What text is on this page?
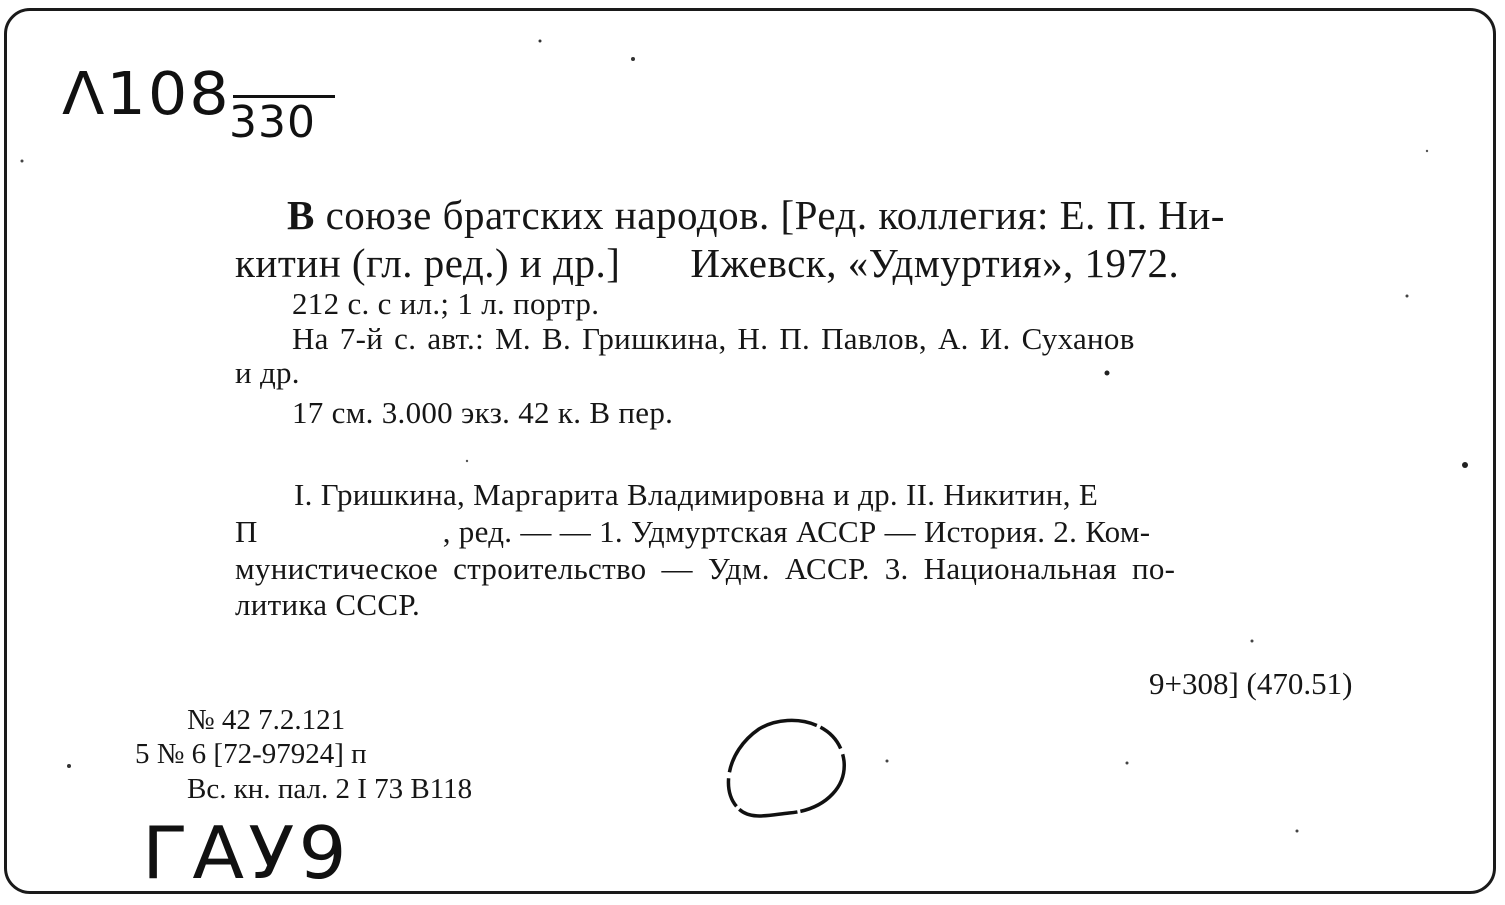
Λ108
330
В союзе братских народов. [Ред. коллегия: Е. П. Ни-
китин (гл. ред.) и др.] Ижевск, «Удмуртия», 1972.
212 с. с ил.; 1 л. портр.
На 7-й с. авт.: М. В. Гришкина, Н. П. Павлов, А. И. Суханов
и др.
17 см. 3.000 экз. 42 к. В пер.
I. Гришкина, Маргарита Владимировна и др. II. Никитин, Е
П	, ред. — — 1. Удмуртская АССР — История. 2. Ком-
мунистическое строительство — Удм. АССР. 3. Национальная по-
литика СССР.
9+308] (470.51)
№ 42 7.2.121
5 № 6 [72-97924] п
Вс. кн. пал. 2 I 73 В118
ГАУ9
